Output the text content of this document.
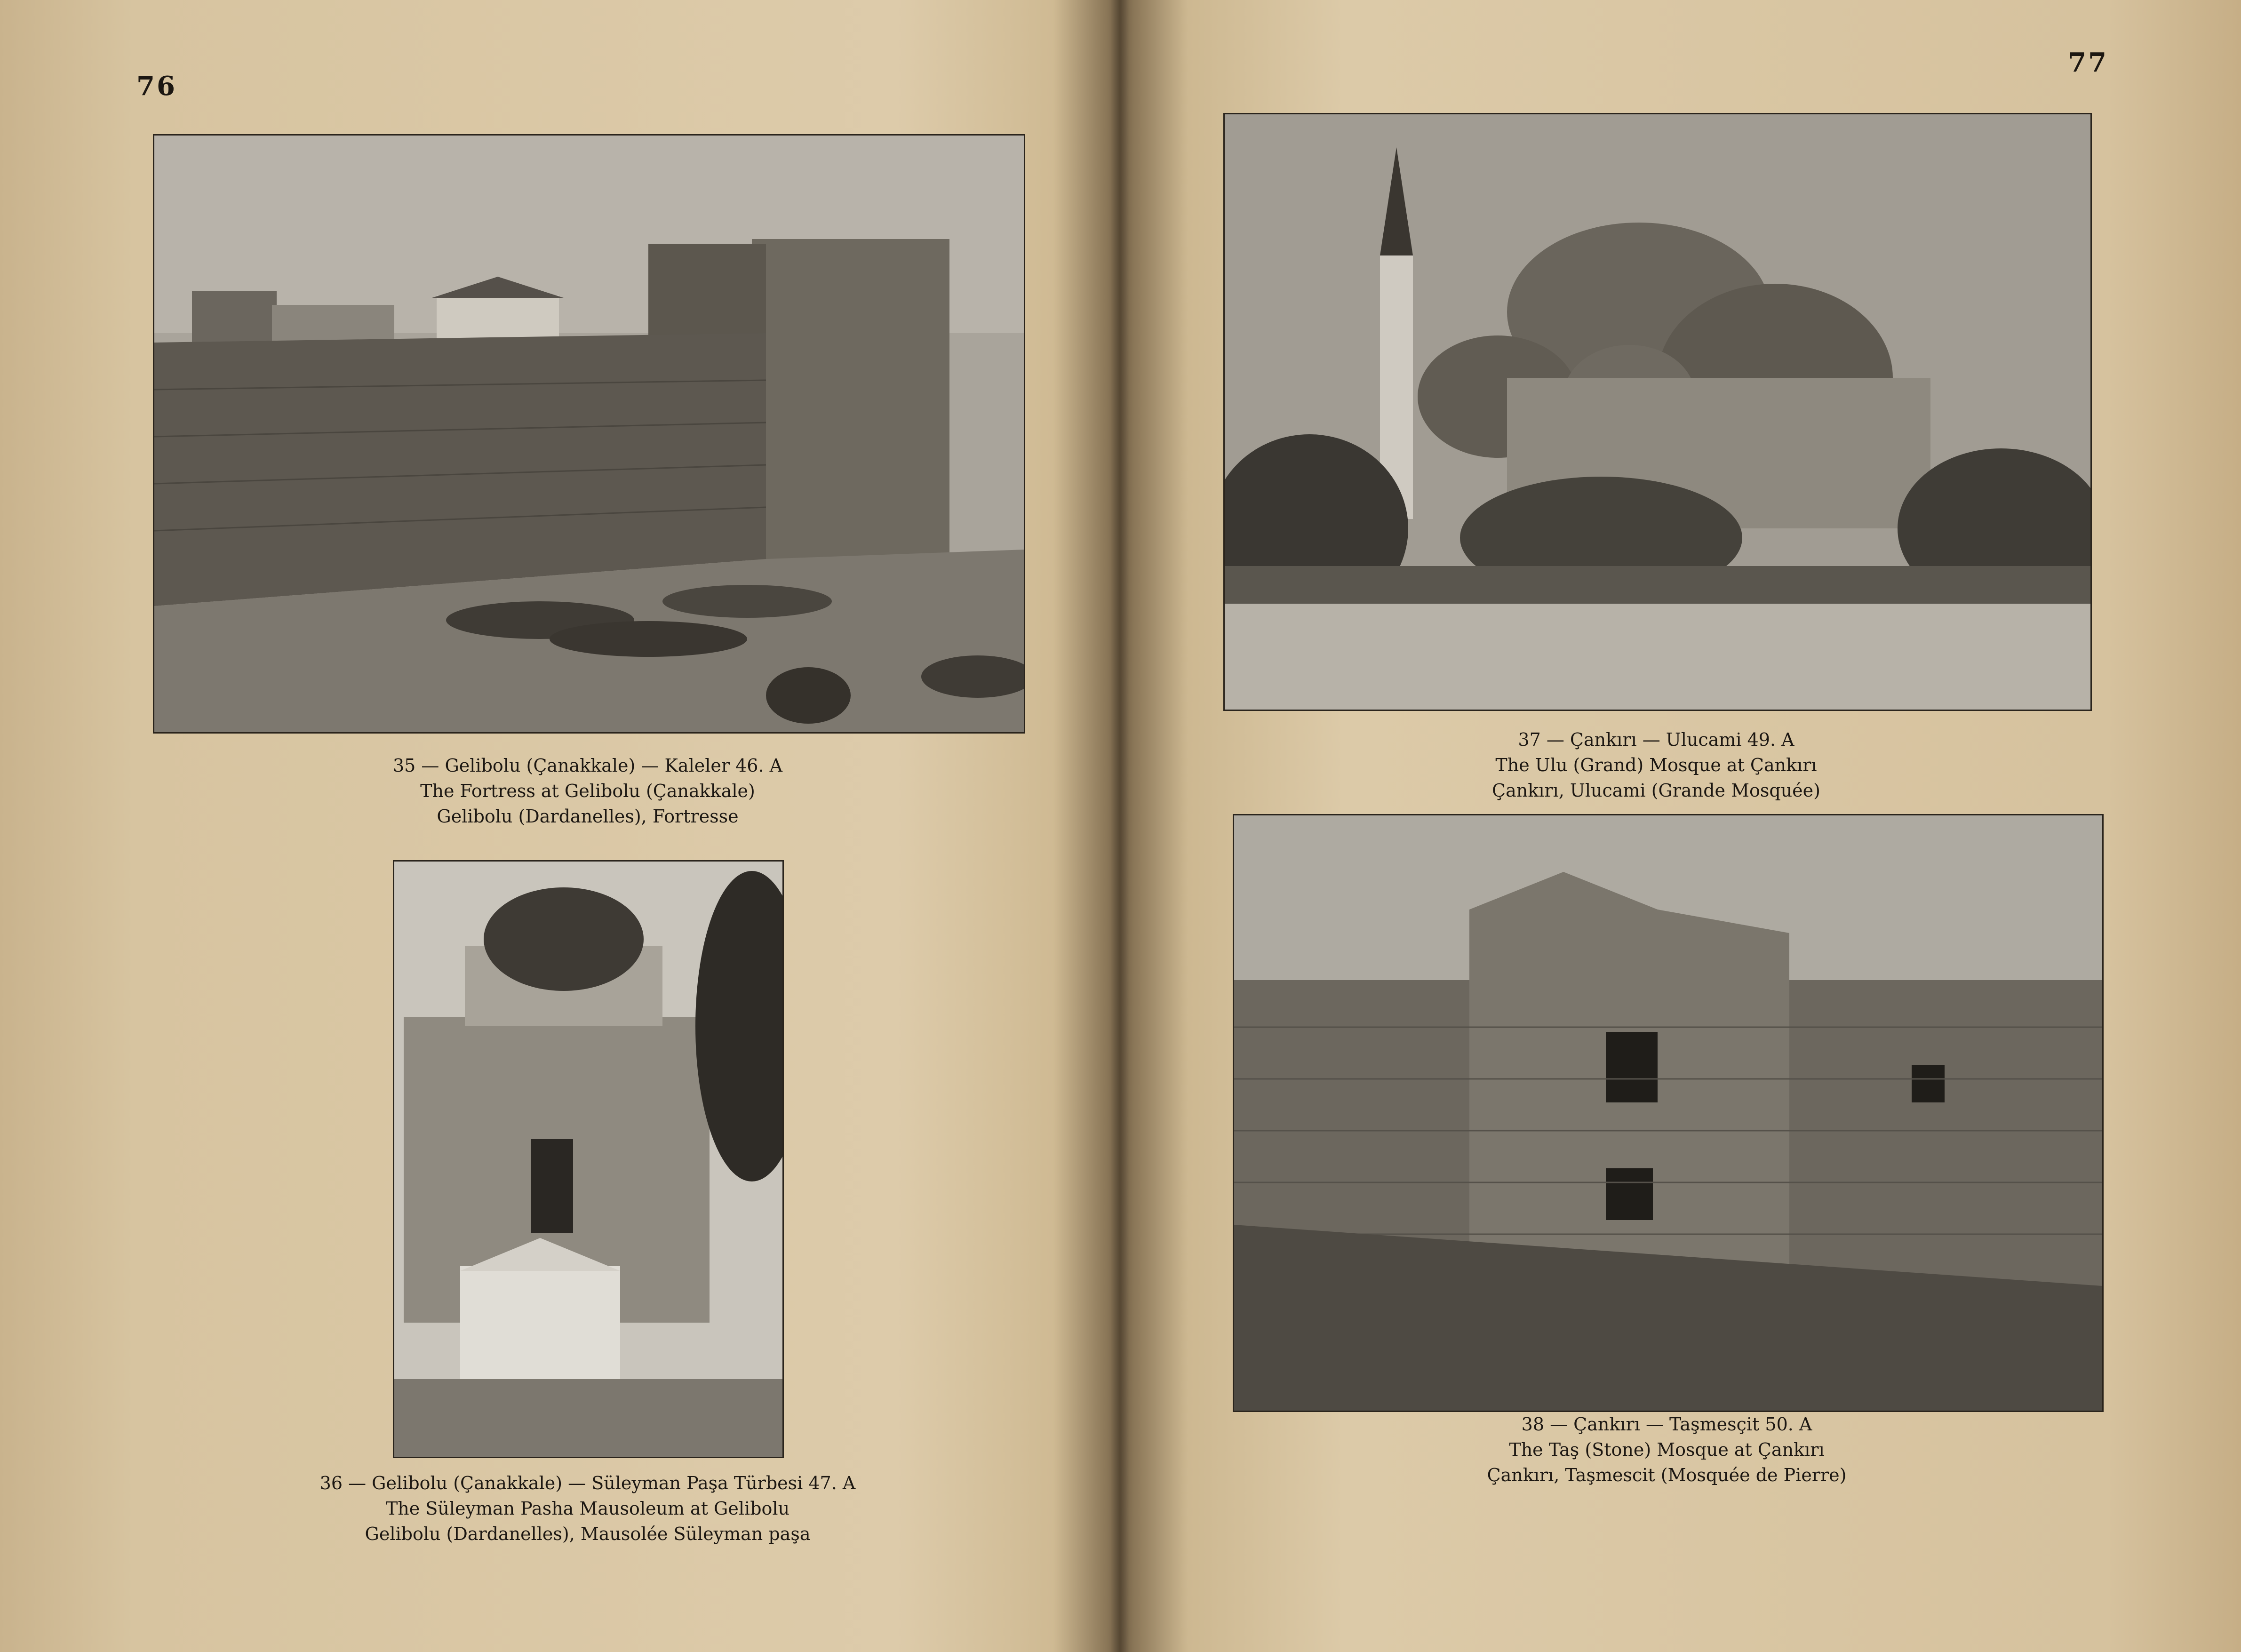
76
35 — Gelibolu (Çanakkale) — Kaleler 46. A
The Fortress at Gelibolu (Çanakkale)
Gelibolu (Dardanelles), Fortresse
36 — Gelibolu (Çanakkale) — Süleyman Paşa Türbesi 47. A
The Süleyman Pasha Mausoleum at Gelibolu
Gelibolu (Dardanelles), Mausolée Süleyman paşa
77
37 — Çankırı — Ulucami 49. A
The Ulu (Grand) Mosque at Çankırı
Çankırı, Ulucami (Grande Mosquée)
38 — Çankırı — Taşmesçit 50. A
The Taş (Stone) Mosque at Çankırı
Çankırı, Taşmescit (Mosquée de Pierre)
